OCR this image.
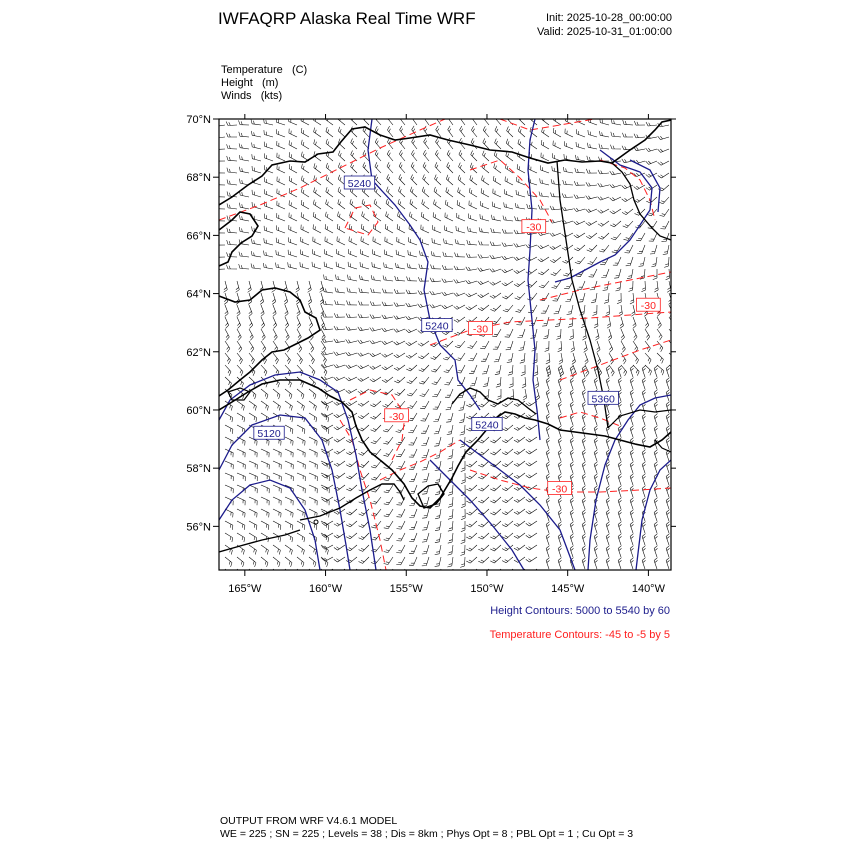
70°N
68°N
66°N
64°N
62°N
60°N
58°N
56°N
165°W	160°W	155°W	150°W	145°W	140°W
5240
5240
5240
5360
5120
-30
-30
-30
-30
-30
IWFAQRP Alaska Real Time WRF	Init: 2025-10-28_00:00:00
Valid: 2025-10-31_01:00:00
Temperature (C)
Height (m)
Winds (kts)
Height Contours: 5000 to 5540 by 60
Temperature Contours: -45 to -5 by 5
OUTPUT FROM WRF V4.6.1 MODEL
WE = 225 ; SN = 225 ; Levels = 38 ; Dis = 8km ; Phys Opt = 8 ; PBL Opt = 1 ; Cu Opt = 3
